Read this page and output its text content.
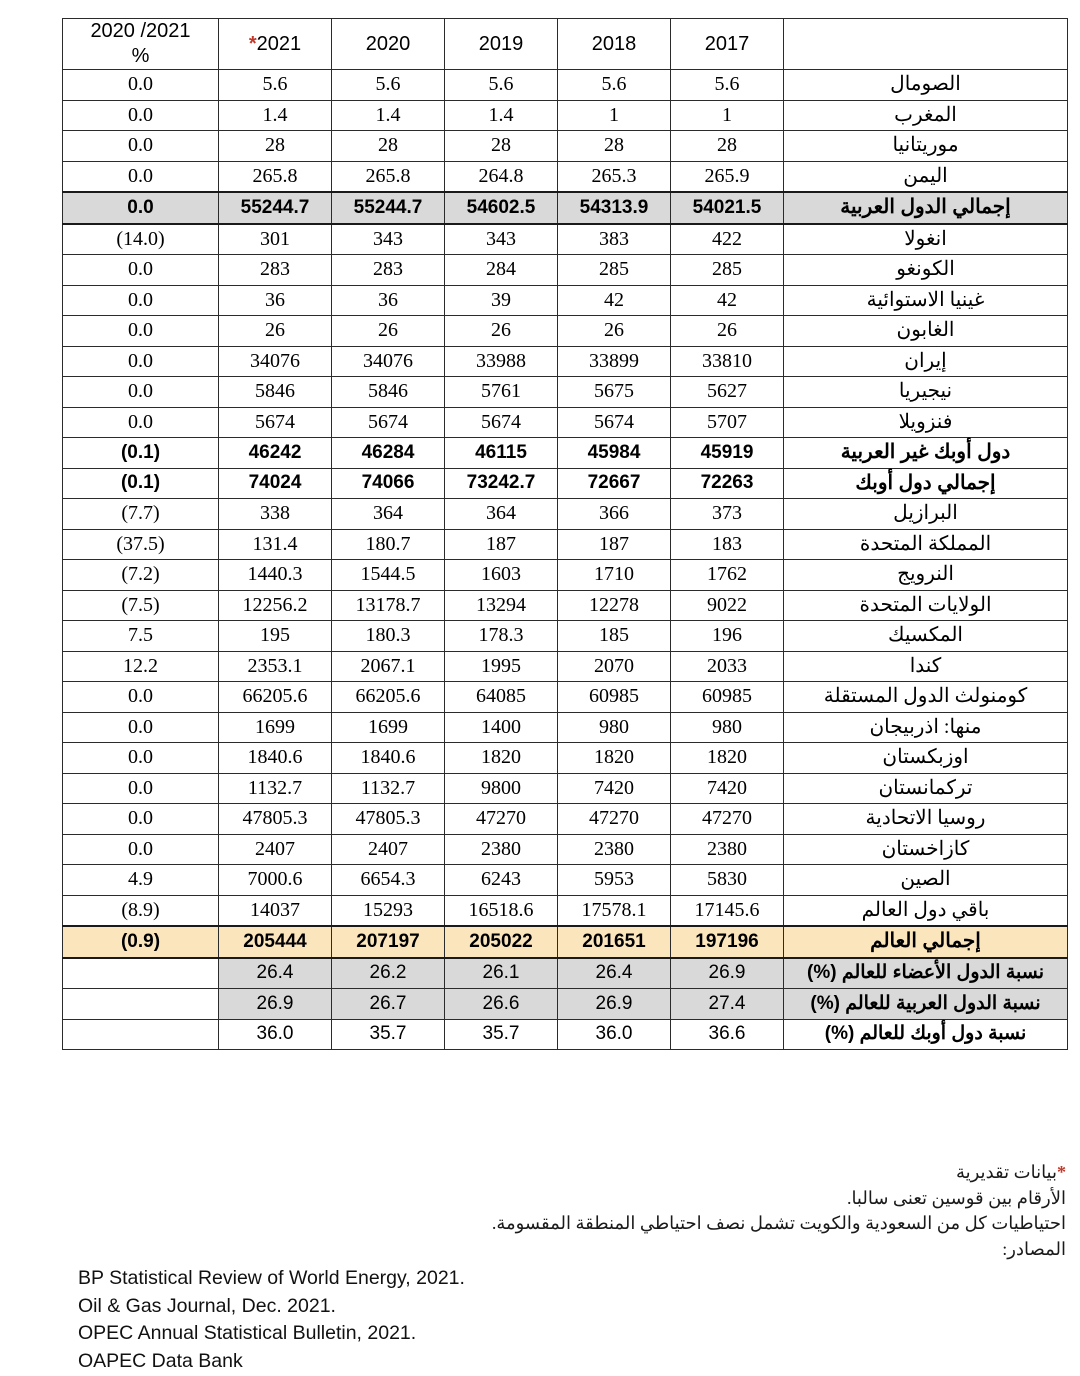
2020 /2021
%	*2021	2020	2019	2018	2017	
0.0	5.6	5.6	5.6	5.6	5.6	الصومال
0.0	1.4	1.4	1.4	1	1	المغرب
0.0	28	28	28	28	28	موريتانيا
0.0	265.8	265.8	264.8	265.3	265.9	اليمن
0.0	55244.7	55244.7	54602.5	54313.9	54021.5	إجمالي الدول العربية
(14.0)	301	343	343	383	422	انغولا
0.0	283	283	284	285	285	الكونغو
0.0	36	36	39	42	42	غينيا الاستوائية
0.0	26	26	26	26	26	الغابون
0.0	34076	34076	33988	33899	33810	إيران
0.0	5846	5846	5761	5675	5627	نيجيريا
0.0	5674	5674	5674	5674	5707	فنزويلا
(0.1)	46242	46284	46115	45984	45919	دول أوبك غير العربية
(0.1)	74024	74066	73242.7	72667	72263	إجمالي دول أوبك
(7.7)	338	364	364	366	373	البرازيل
(37.5)	131.4	180.7	187	187	183	المملكة المتحدة
(7.2)	1440.3	1544.5	1603	1710	1762	النرويج
(7.5)	12256.2	13178.7	13294	12278	9022	الولايات المتحدة
7.5	195	180.3	178.3	185	196	المكسيك
12.2	2353.1	2067.1	1995	2070	2033	كندا
0.0	66205.6	66205.6	64085	60985	60985	كومنولث الدول المستقلة
0.0	1699	1699	1400	980	980	منها: اذربيجان
0.0	1840.6	1840.6	1820	1820	1820	اوزبكستان
0.0	1132.7	1132.7	9800	7420	7420	تركمانستان
0.0	47805.3	47805.3	47270	47270	47270	روسيا الاتحادية
0.0	2407	2407	2380	2380	2380	كازاخستان
4.9	7000.6	6654.3	6243	5953	5830	الصين
(8.9)	14037	15293	16518.6	17578.1	17145.6	باقي دول العالم
(0.9)	205444	207197	205022	201651	197196	إجمالي العالم
	26.4	26.2	26.1	26.4	26.9	نسبة الدول الأعضاء للعالم (%)
	26.9	26.7	26.6	26.9	27.4	نسبة الدول العربية للعالم (%)
	36.0	35.7	35.7	36.0	36.6	نسبة دول أوبك للعالم (%)
*بيانات تقديرية
الأرقام بين قوسين تعنى سالبا.
احتياطيات كل من السعودية والكويت تشمل نصف احتياطي المنطقة المقسومة.
المصادر:
BP Statistical Review of World Energy, 2021.
Oil & Gas Journal, Dec. 2021.
OPEC Annual Statistical Bulletin, 2021.
OAPEC Data Bank
